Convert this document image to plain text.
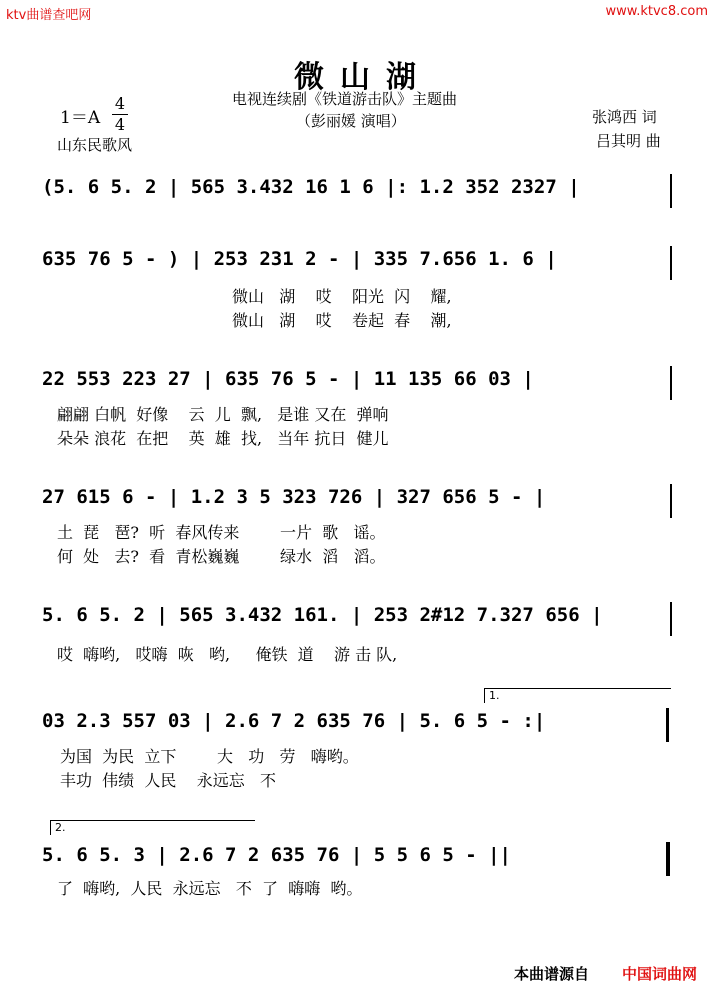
ktv曲谱查吧网	www.ktvc8.com
微山湖
电视连续剧《铁道游击队》主题曲
（彭丽媛 演唱）
$1=A \frac{4}{4}$
山东民歌风
张鸿西 词
吕其明 曲
(5. 6 5. 2 | 565 3.432 16 1 6 |: 1.2 352 2327 |
635 76 5 - ) | 253 231 2 - | 335 7.656 1. 6 |
微山   湖    哎    阳光  闪    耀,
微山   湖    哎    卷起  春    潮,
22 553 223 27 | 635 76 5 - | 11 135 66 03 |
翩翩 白帆  好像    云  儿  飘,   是谁 又在  弹响
朵朵 浪花  在把    英  雄  找,   当年 抗日  健儿
27 615 6 - | 1.2 3 5 323 726 | 327 656 5 - |
土  琵   琶?  听  春风传来        一片  歌   谣。
何  处   去?  看  青松巍巍        绿水  滔   滔。
5. 6 5. 2 | 565 3.432 161. | 253 2#12 7.327 656 |
哎  嗨哟,   哎嗨  咴   哟,     俺铁  道    游 击 队,
1.
03 2.3 557 03 | 2.6 7 2 635 76 | 5. 6 5 - :|
为国  为民  立下        大   功   劳   嗨哟。
丰功  伟绩  人民    永远忘   不
2.
5. 6 5. 3 | 2.6 7 2 635 76 | 5 5 6 5 - ||
了  嗨哟,  人民  永远忘   不  了  嗨嗨  哟。
本曲谱源自 中国词曲网
